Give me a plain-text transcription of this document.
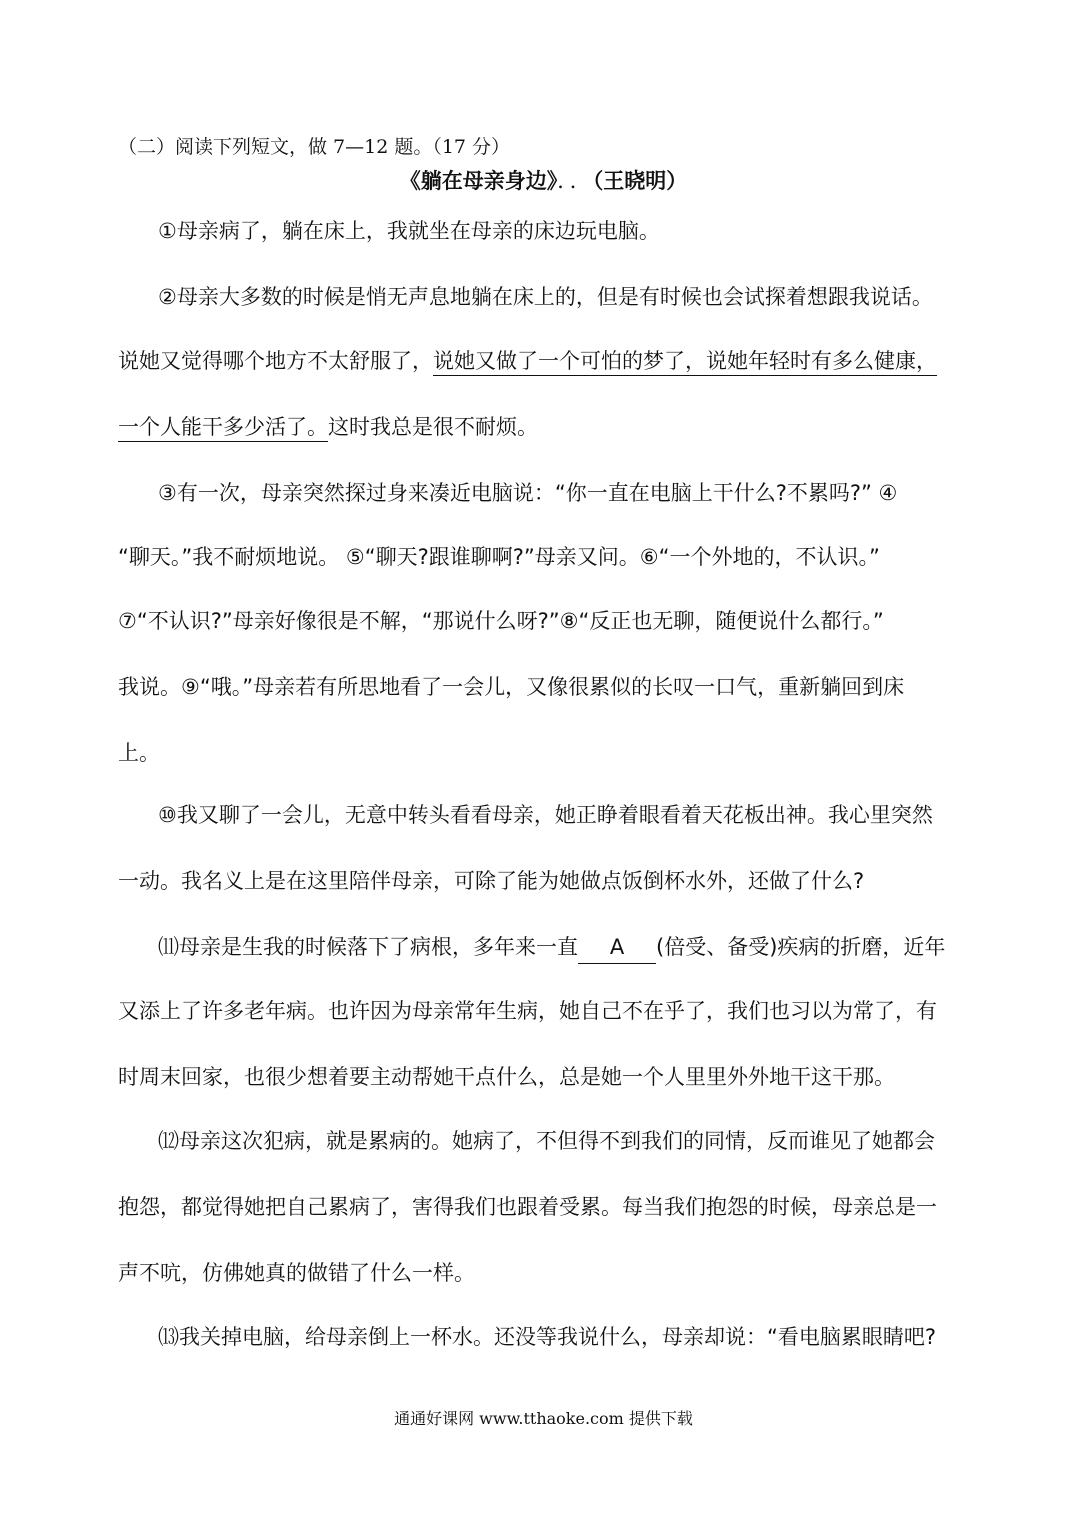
（二）阅读下列短文，做 7—12 题。（17 分）
《躺在母亲身边》．．（王晓明）
①母亲病了，躺在床上，我就坐在母亲的床边玩电脑。
②母亲大多数的时候是悄无声息地躺在床上的，但是有时候也会试探着想跟我说话。
说她又觉得哪个地方不太舒服了，说她又做了一个可怕的梦了，说她年轻时有多么健康，
一个人能干多少活了。这时我总是很不耐烦。
③有一次，母亲突然探过身来凑近电脑说：“你一直在电脑上干什么?不累吗?” ④
“聊天。”我不耐烦地说。 ⑤“聊天?跟谁聊啊?”母亲又问。⑥“一个外地的，不认识。”
⑦“不认识?”母亲好像很是不解，“那说什么呀?”⑧“反正也无聊，随便说什么都行。”
我说。⑨“哦。”母亲若有所思地看了一会儿，又像很累似的长叹一口气，重新躺回到床
上。
⑩我又聊了一会儿，无意中转头看看母亲，她正睁着眼看着天花板出神。我心里突然
一动。我名义上是在这里陪伴母亲，可除了能为她做点饭倒杯水外，还做了什么?
⑾母亲是生我的时候落下了病根，多年来一直 A (倍受、备受)疾病的折磨，近年
又添上了许多老年病。也许因为母亲常年生病，她自己不在乎了，我们也习以为常了，有
时周末回家，也很少想着要主动帮她干点什么，总是她一个人里里外外地干这干那。
⑿母亲这次犯病，就是累病的。她病了，不但得不到我们的同情，反而谁见了她都会
抱怨，都觉得她把自己累病了，害得我们也跟着受累。每当我们抱怨的时候，母亲总是一
声不吭，仿佛她真的做错了什么一样。
⒀我关掉电脑，给母亲倒上一杯水。还没等我说什么，母亲却说：“看电脑累眼睛吧?
通通好课网 www.tthaoke.com 提供下载
